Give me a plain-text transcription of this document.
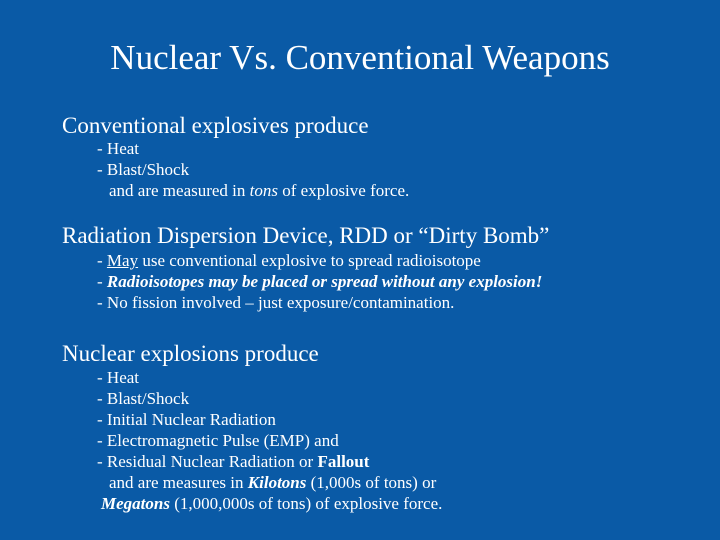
Nuclear Vs. Conventional Weapons
Conventional explosives produce
- Heat
- Blast/Shock
and are measured in tons of explosive force.
Radiation Dispersion Device, RDD or “Dirty Bomb”
- May use conventional explosive to spread radioisotope
- Radioisotopes may be placed or spread without any explosion!
- No fission involved – just exposure/contamination.
Nuclear explosions produce
- Heat
- Blast/Shock
- Initial Nuclear Radiation
- Electromagnetic Pulse (EMP) and
- Residual Nuclear Radiation or Fallout
and are measures in Kilotons (1,000s of tons) or
Megatons (1,000,000s of tons) of explosive force.
